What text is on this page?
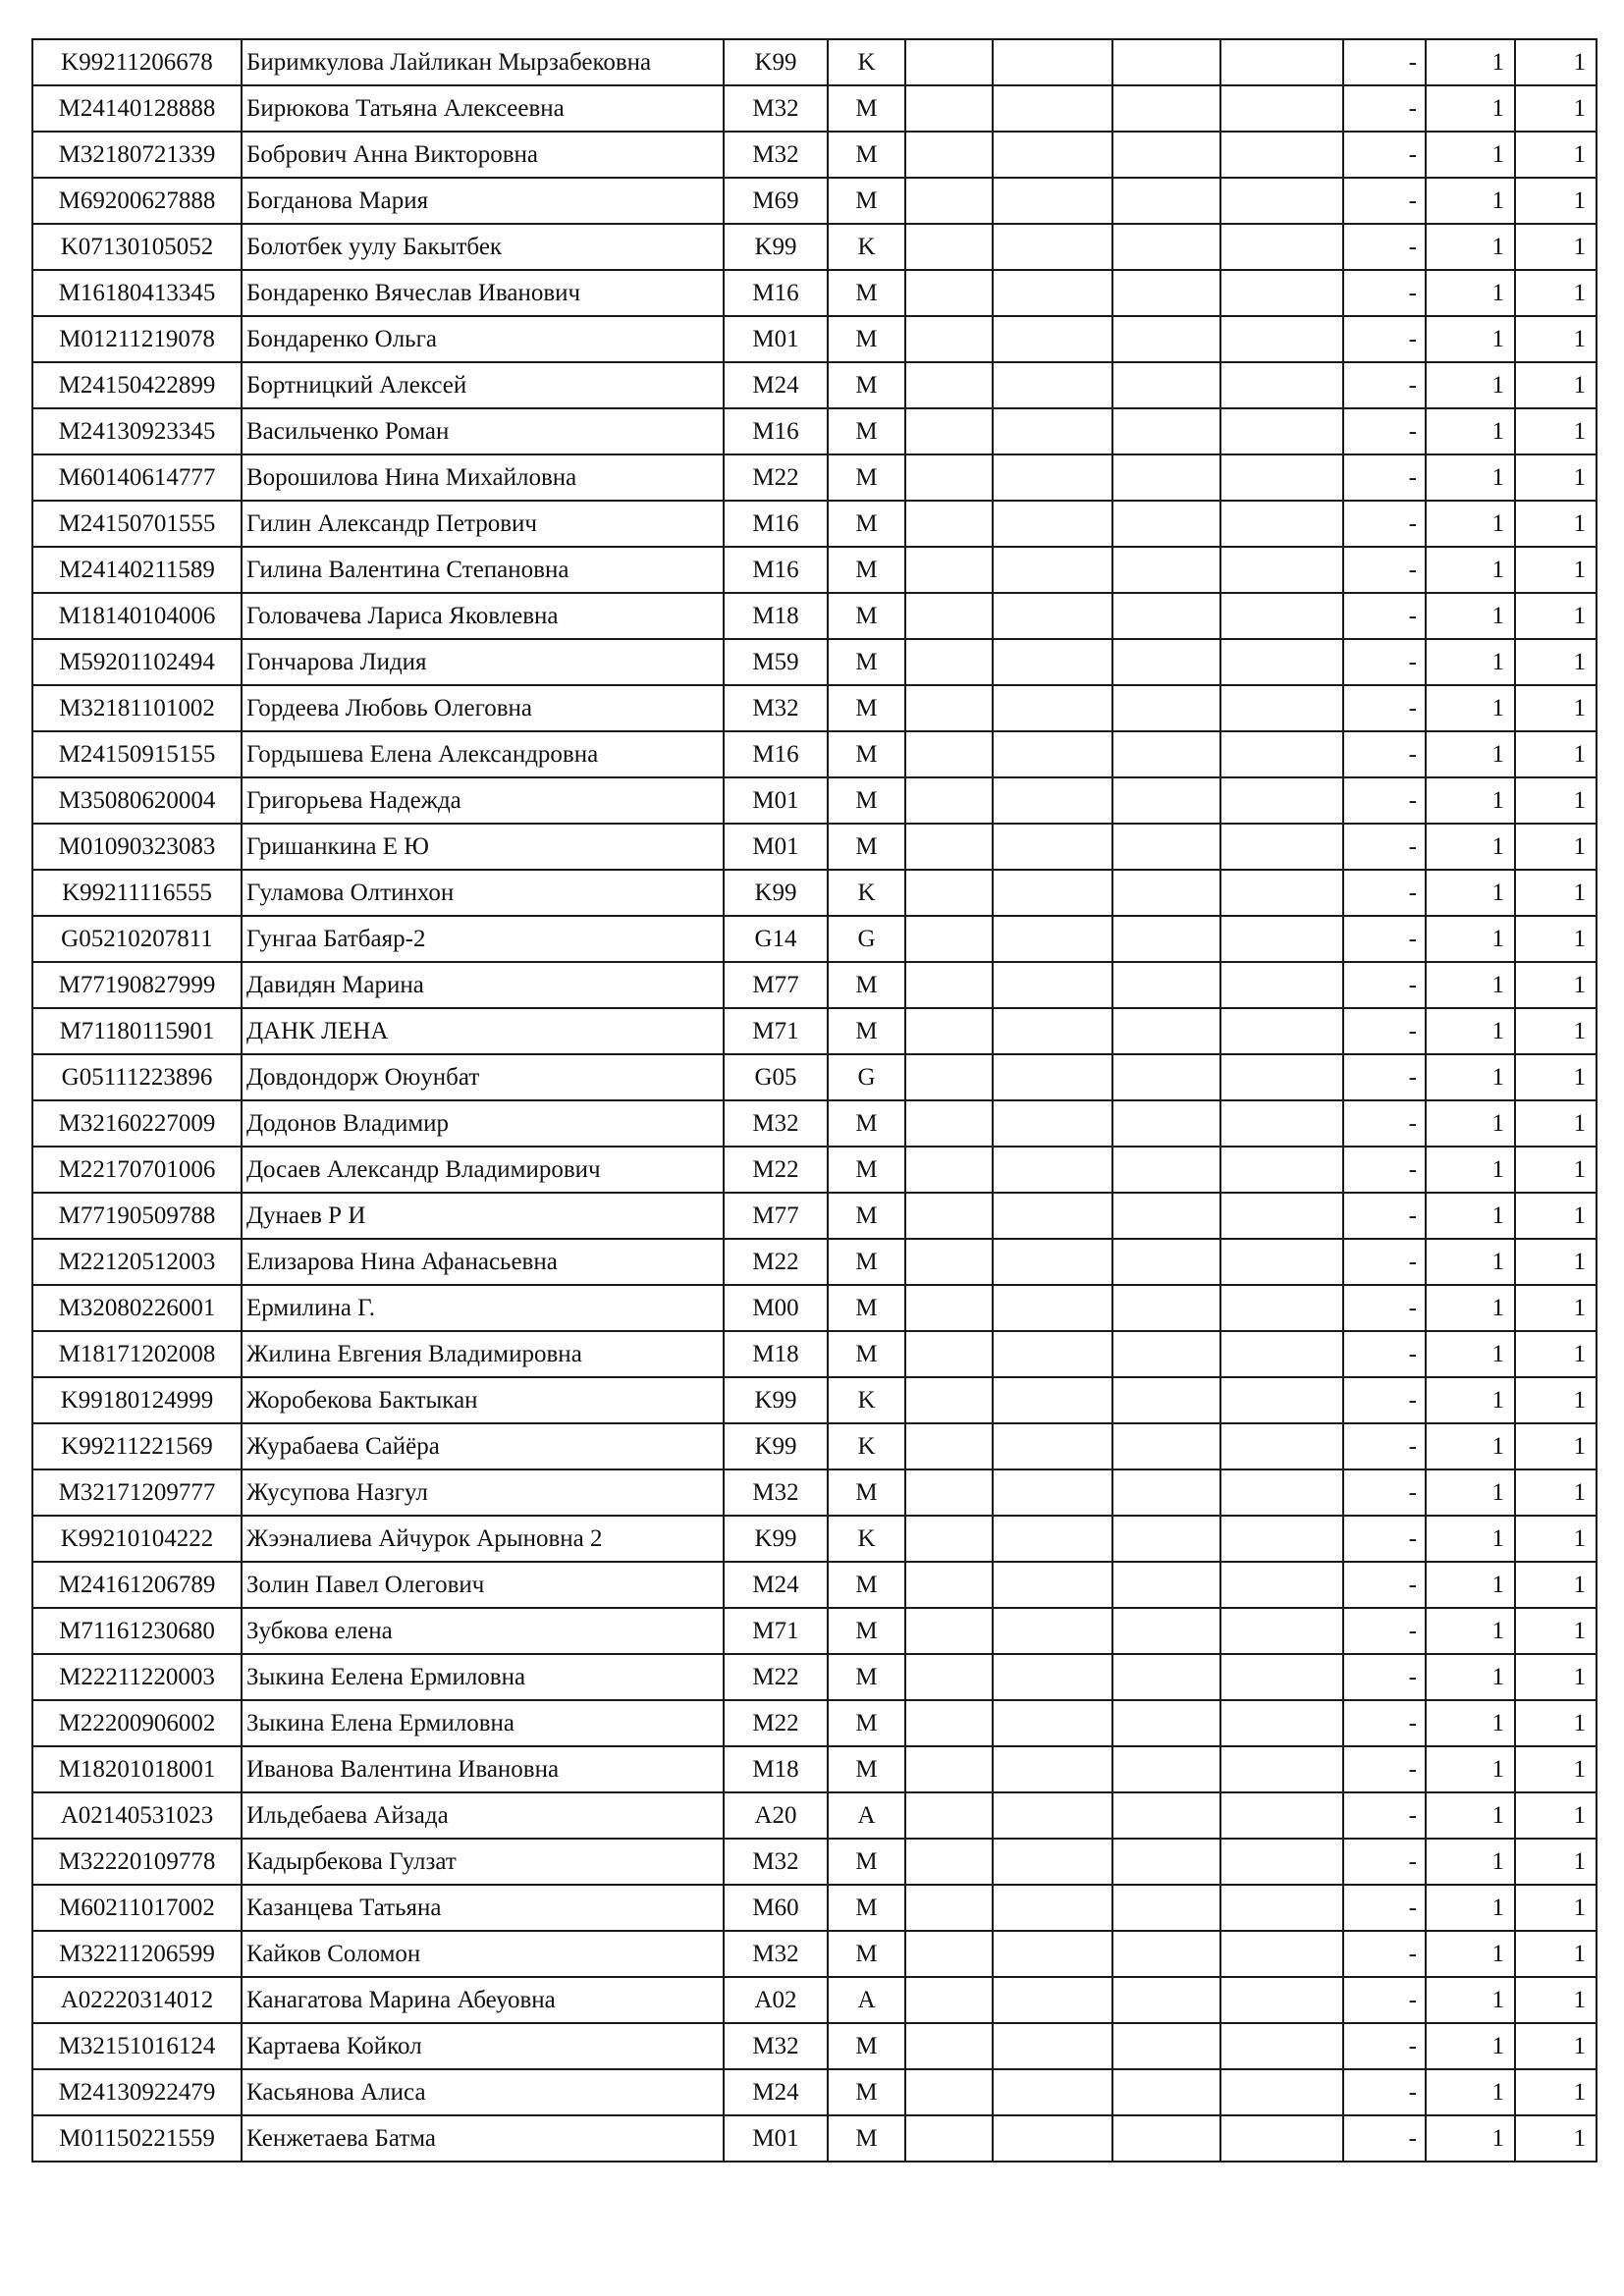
K99211206678	Биримкулова Лайликан Мырзабековна	K99	K					-	1	1
M24140128888	Бирюкова Татьяна Алексеевна	M32	M					-	1	1
M32180721339	Бобрович Анна Викторовна	M32	M					-	1	1
M69200627888	Богданова Мария	M69	M					-	1	1
K07130105052	Болотбек уулу Бакытбек	K99	K					-	1	1
M16180413345	Бондаренко Вячеслав Иванович	M16	M					-	1	1
M01211219078	Бондаренко Ольга	M01	M					-	1	1
M24150422899	Бортницкий Алексей	M24	M					-	1	1
M24130923345	Васильченко Роман	M16	M					-	1	1
M60140614777	Ворошилова Нина Михайловна	M22	M					-	1	1
M24150701555	Гилин Александр Петрович	M16	M					-	1	1
M24140211589	Гилина Валентина Степановна	M16	M					-	1	1
M18140104006	Головачева Лариса Яковлевна	M18	M					-	1	1
M59201102494	Гончарова Лидия	M59	M					-	1	1
M32181101002	Гордеева Любовь Олеговна	M32	M					-	1	1
M24150915155	Гордышева Елена Александровна	M16	M					-	1	1
M35080620004	Григорьева Надежда	M01	M					-	1	1
M01090323083	Гришанкина Е Ю	M01	M					-	1	1
K99211116555	Гуламова Олтинхон	K99	K					-	1	1
G05210207811	Гунгаа Батбаяр-2	G14	G					-	1	1
M77190827999	Давидян Марина	M77	M					-	1	1
M71180115901	ДАНК ЛЕНА	M71	M					-	1	1
G05111223896	Довдондорж Оюунбат	G05	G					-	1	1
M32160227009	Додонов Владимир	M32	M					-	1	1
M22170701006	Досаев Александр Владимирович	M22	M					-	1	1
M77190509788	Дунаев Р И	M77	M					-	1	1
M22120512003	Елизарова Нина Афанасьевна	M22	M					-	1	1
M32080226001	Ермилина Г.	M00	M					-	1	1
M18171202008	Жилина Евгения Владимировна	M18	M					-	1	1
K99180124999	Жоробекова Бактыкан	K99	K					-	1	1
K99211221569	Журабаева Сайёра	K99	K					-	1	1
M32171209777	Жусупова Назгул	M32	M					-	1	1
K99210104222	Жээналиева Айчурок Арыновна 2	K99	K					-	1	1
M24161206789	Золин Павел Олегович	M24	M					-	1	1
M71161230680	Зубкова елена	M71	M					-	1	1
M22211220003	Зыкина Еелена Ермиловна	M22	M					-	1	1
M22200906002	Зыкина Елена Ермиловна	M22	M					-	1	1
M18201018001	Иванова Валентина Ивановна	M18	M					-	1	1
A02140531023	Ильдебаева Айзада	A20	A					-	1	1
M32220109778	Кадырбекова Гулзат	M32	M					-	1	1
M60211017002	Казанцева Татьяна	M60	M					-	1	1
M32211206599	Кайков Соломон	M32	M					-	1	1
A02220314012	Канагатова Марина Абеуовна	A02	A					-	1	1
M32151016124	Картаева Койкол	M32	M					-	1	1
M24130922479	Касьянова Алиса	M24	M					-	1	1
M01150221559	Кенжетаева Батма	M01	M					-	1	1
